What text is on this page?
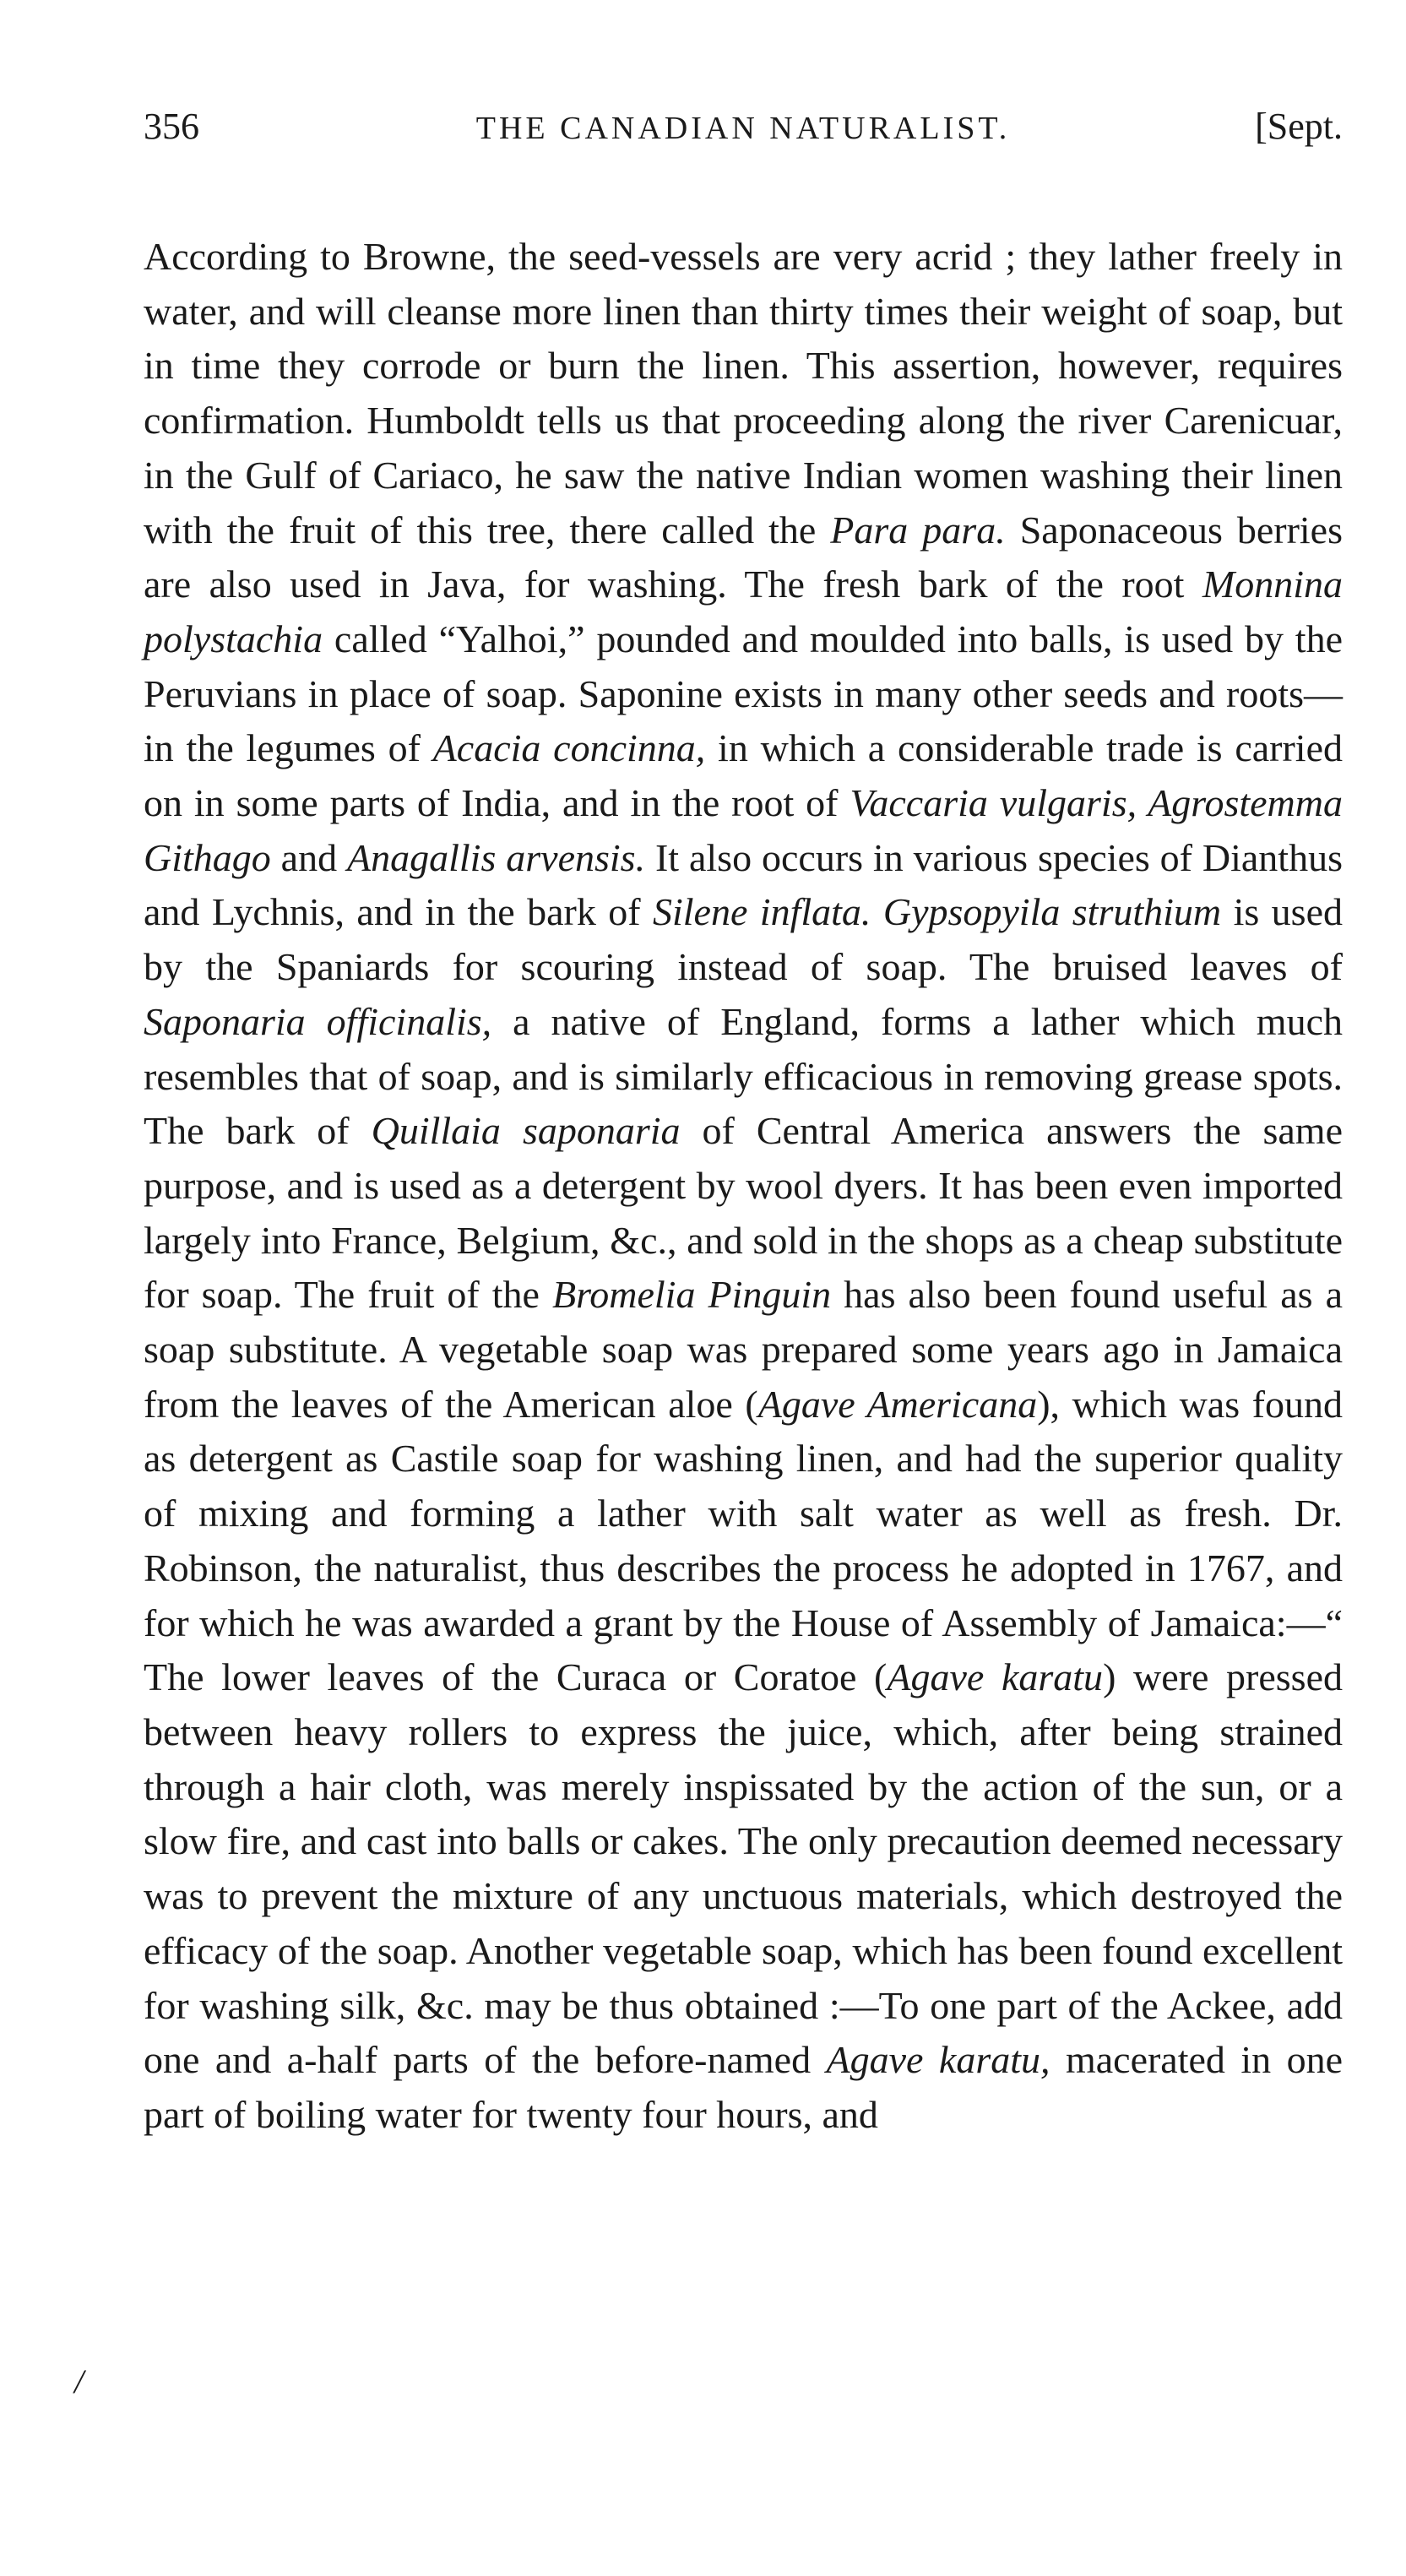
356	THE CANADIAN NATURALIST.	[Sept.

According to Browne, the seed-vessels are very acrid ; they lather freely in water, and will cleanse more linen than thirty times their weight of soap, but in time they corrode or burn the linen. This assertion, however, requires confirmation. Humboldt tells us that proceeding along the river Carenicuar, in the Gulf of Cariaco, he saw the native Indian women washing their linen with the fruit of this tree, there called the Para para. Saponaceous berries are also used in Java, for washing. The fresh bark of the root Monnina polystachia called “Yalhoi,” pounded and moulded into balls, is used by the Peruvians in place of soap. Saponine exists in many other seeds and roots—in the legumes of Acacia concinna, in which a considerable trade is carried on in some parts of India, and in the root of Vaccaria vulgaris, Agrostemma Githago and Anagallis arvensis. It also occurs in various species of Dianthus and Lychnis, and in the bark of Silene inflata. Gypsopyila struthium is used by the Spaniards for scouring instead of soap. The bruised leaves of Saponaria officinalis, a native of England, forms a lather which much resembles that of soap, and is similarly efficacious in removing grease spots. The bark of Quillaia saponaria of Central America answers the same purpose, and is used as a detergent by wool dyers. It has been even imported largely into France, Belgium, &c., and sold in the shops as a cheap substitute for soap. The fruit of the Bromelia Pinguin has also been found useful as a soap substitute. A vegetable soap was prepared some years ago in Jamaica from the leaves of the American aloe (Agave Americana), which was found as detergent as Castile soap for washing linen, and had the superior quality of mixing and forming a lather with salt water as well as fresh. Dr. Robinson, the naturalist, thus describes the process he adopted in 1767, and for which he was awarded a grant by the House of Assembly of Jamaica:—“ The lower leaves of the Curaca or Coratoe (Agave karatu) were pressed between heavy rollers to express the juice, which, after being strained through a hair cloth, was merely inspissated by the action of the sun, or a slow fire, and cast into balls or cakes. The only precaution deemed necessary was to prevent the mixture of any unctuous materials, which destroyed the efficacy of the soap. Another vegetable soap, which has been found excellent for washing silk, &c. may be thus obtained :—To one part of the Ackee, add one and a-half parts of the before-named Agave karatu, macerated in one part of boiling water for twenty four hours, and

/
